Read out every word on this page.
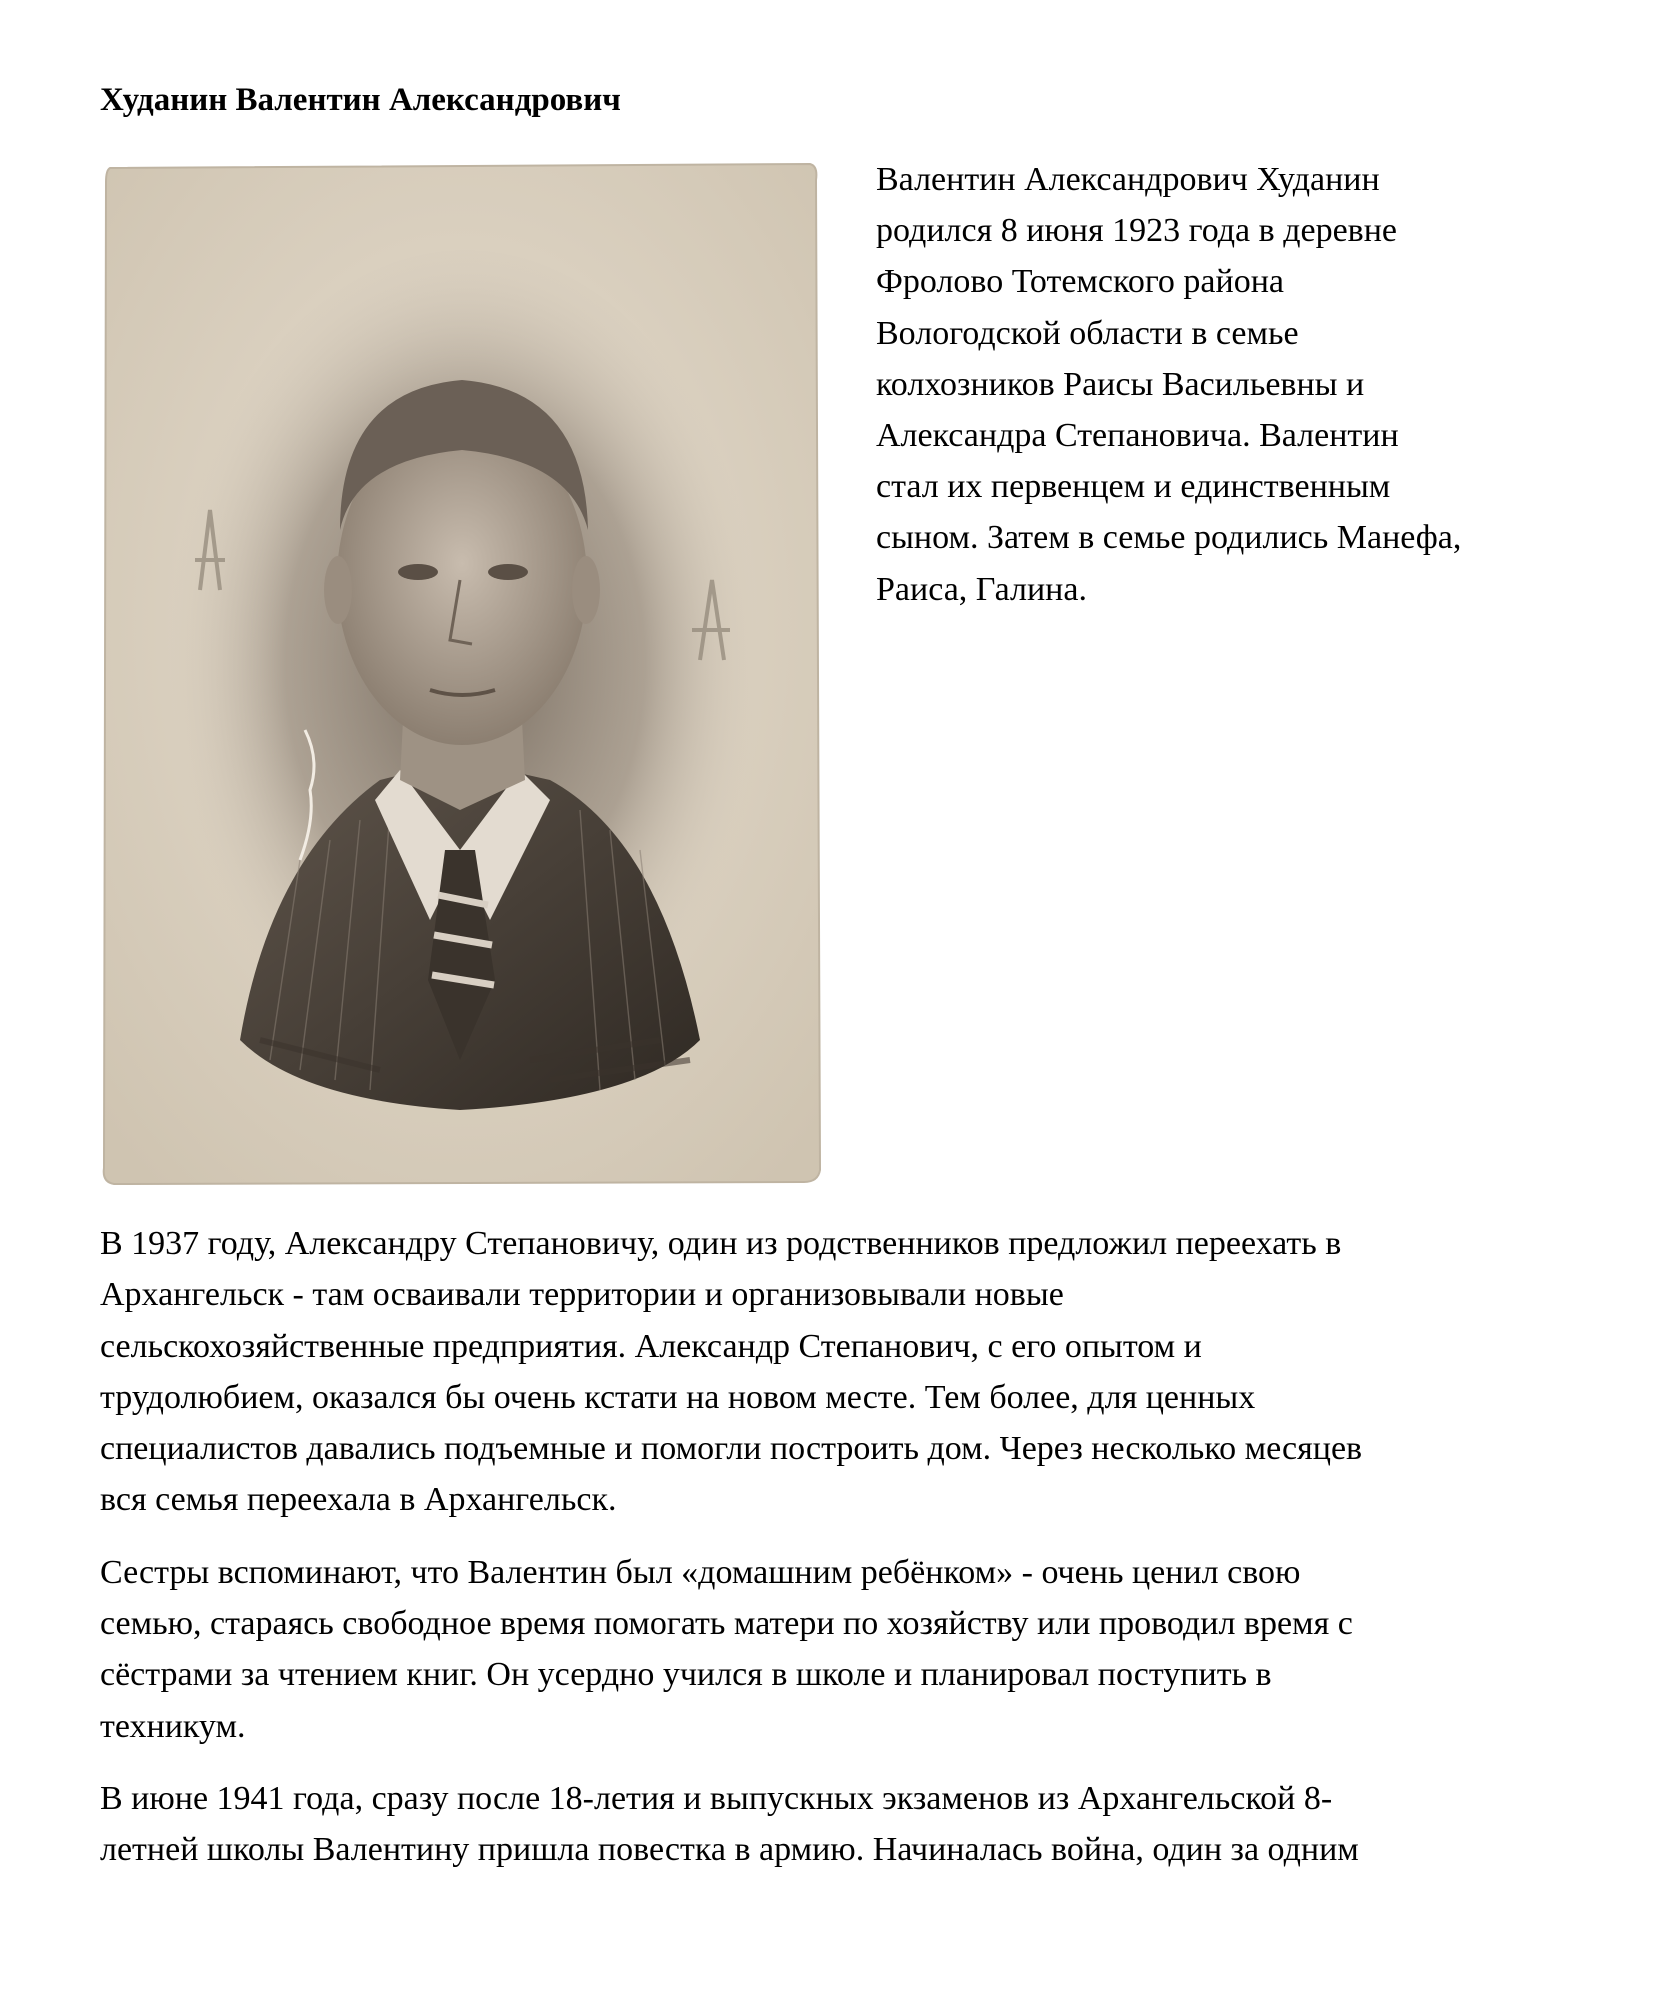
Худанин Валентин Александрович

Валентин Александрович Худанин
родился 8 июня 1923 года в деревне
Фролово Тотемского района
Вологодской области в семье
колхозников Раисы Васильевны и
Александра Степановича. Валентин
стал их первенцем и единственным
сыном. Затем в семье родились Манефа,
Раиса, Галина.

В 1937 году, Александру Степановичу, один из родственников предложил переехать в
Архангельск - там осваивали территории и организовывали новые
сельскохозяйственные предприятия. Александр Степанович, с его опытом и
трудолюбием, оказался бы очень кстати на новом месте. Тем более, для ценных
специалистов давались подъемные и помогли построить дом. Через несколько месяцев
вся семья переехала в Архангельск.

Сестры вспоминают, что Валентин был «домашним ребёнком» - очень ценил свою
семью, стараясь свободное время помогать матери по хозяйству или проводил время с
сёстрами за чтением книг. Он усердно учился в школе и планировал поступить в
техникум.

В июне 1941 года, сразу после 18-летия и выпускных экзаменов из Архангельской 8-
летней школы Валентину пришла повестка в армию. Начиналась война, один за одним
